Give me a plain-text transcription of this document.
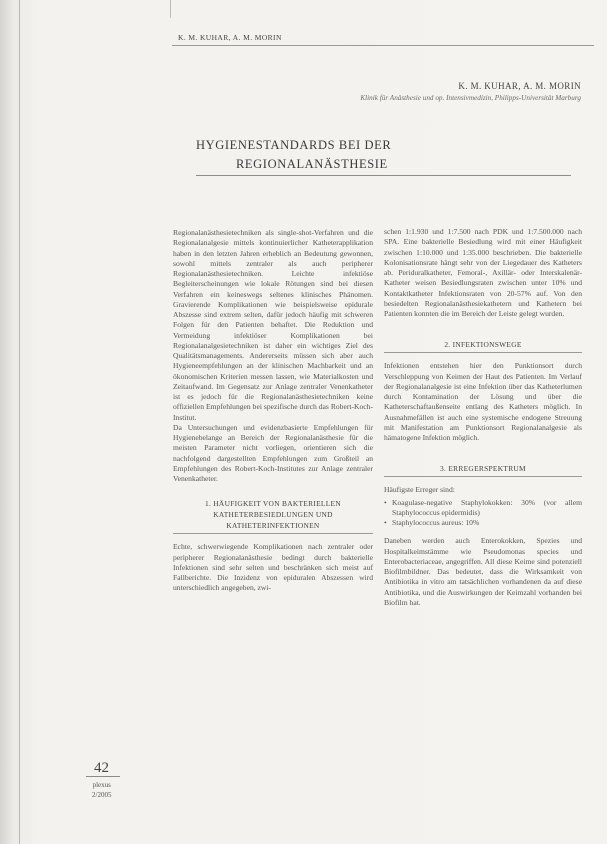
K. M. KUHAR, A. M. MORIN
K. M. KUHAR, A. M. MORIN
Klinik für Anästhesie und op. Intensivmedizin, Philipps-Universität Marburg
HYGIENESTANDARDS BEI DER
REGIONALANÄSTHESIE

Regionalanästhesietechniken als single-shot-Verfahren und die Regionalanalgesie mittels kontinuierlicher Katheterapplikation haben in den letzten Jahren erheblich an Bedeutung gewonnen, sowohl mittels zentraler als auch peripherer Regionalanästhesietechniken. Leichte infektiöse Begleiterscheinungen wie lokale Rötungen sind bei diesen Verfahren ein keineswegs seltenes klinisches Phänomen. Gravierende Komplikationen wie beispielsweise epidurale Abszesse sind extrem selten, dafür jedoch häufig mit schweren Folgen für den Patienten behaftet. Die Reduktion und Vermeidung infektiöser Komplikationen bei Regionalanalgesietechniken ist daher ein wichtiges Ziel des Qualitätsmanagements. Andererseits müssen sich aber auch Hygieneempfehlungen an der klinischen Machbarkeit und an ökonomischen Kriterien messen lassen, wie Materialkosten und Zeitaufwand. Im Gegensatz zur Anlage zentraler Venenkatheter ist es jedoch für die Regionalanästhesietechniken keine offiziellen Empfehlungen bei spezifische durch das Robert-Koch-Institut.

Da Untersuchungen und evidenzbasierte Empfehlungen für Hygienebelange an Bereich der Regionalanästhesie für die meisten Parameter nicht vorliegen, orientieren sich die nachfolgend dargestellten Empfehlungen zum Großteil an Empfehlungen des Robert-Koch-Institutes zur Anlage zentraler Venenkatheter.

1. HÄUFIGKEIT VON BAKTERIELLEN
KATHETERBESIEDLUNGEN UND
KATHETERINFEKTIONEN

Echte, schwerwiegende Komplikationen nach zentraler oder peripherer Regionalanästhesie bedingt durch bakterielle Infektionen sind sehr selten und beschränken sich meist auf Fallberichte. Die Inzidenz von epiduralen Abszessen wird unterschiedlich angegeben, zwi-

schen 1:1.930 und 1:7.500 nach PDK und 1:7.500.000 nach SPA. Eine bakterielle Besiedlung wird mit einer Häufigkeit zwischen 1:10.000 und 1:35.000 beschrieben. Die bakterielle Kolonisationsrate hängt sehr von der Liegedauer des Katheters ab. Periduralkatheter, Femoral-, Axillär- oder Interskalenär-Katheter weisen Besiedlungsraten zwischen unter 10% und Kontaktkatheter Infektionsraten von 20-57% auf. Von den besiedelten Regionalanästhesiekathetern und Kathetern bei Patienten konnten die im Bereich der Leiste gelegt wurden.

2. INFEKTIONSWEGE

Infektionen entstehen hier den Punktionsort durch Verschleppung von Keimen der Haut des Patienten. Im Verlauf der Regionalanalgesie ist eine Infektion über das Katheterlumen durch Kontamination der Lösung und über die Katheterschaftaußenseite entlang des Katheters möglich. In Ausnahmefällen ist auch eine systemische endogene Streuung mit Manifestation am Punktionsort Regionalanalgesie als hämatogene Infektion möglich.

3. ERREGERSPEKTRUM

Häufigste Erreger sind:

• Koagulase-negative Staphylokokken: 30% (vor allem Staphylococcus epidermidis)
• Staphylococcus aureus: 10%

Daneben werden auch Enterokokken, Spezies und Hospitalkeimstämme wie Pseudomonas species und Enterobacteriaceae, angegriffen. All diese Keime sind potenziell Biofilmbildner. Das bedeutet, dass die Wirksamkeit von Antibiotika in vitro am tatsächlichen vorhandenen da auf diese Antibiotika, und die Auswirkungen der Keimzahl vorhanden bei Biofilm hat.

42
plexus
2/2005
